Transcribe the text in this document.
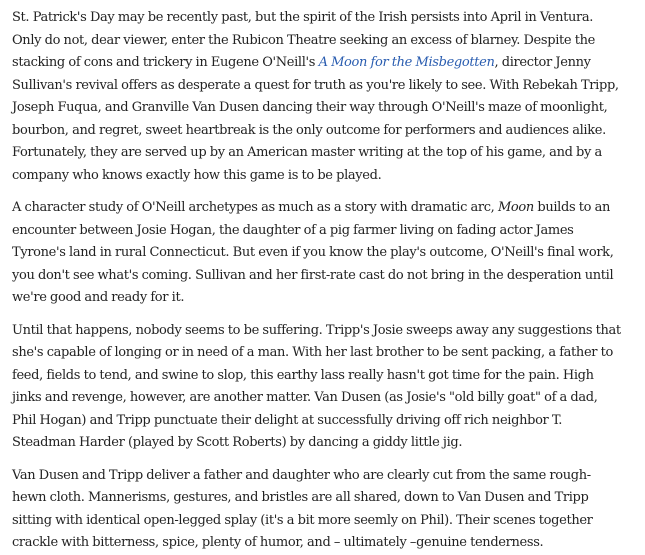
St. Patrick's Day may be recently past, but the spirit of the Irish persists into April in Ventura. Only do not, dear viewer, enter the Rubicon Theatre seeking an excess of blarney. Despite the stacking of cons and trickery in Eugene O'Neill's A Moon for the Misbegotten, director Jenny Sullivan's revival offers as desperate a quest for truth as you're likely to see. With Rebekah Tripp, Joseph Fuqua, and Granville Van Dusen dancing their way through O'Neill's maze of moonlight, bourbon, and regret, sweet heartbreak is the only outcome for performers and audiences alike. Fortunately, they are served up by an American master writing at the top of his game, and by a company who knows exactly how this game is to be played.

A character study of O'Neill archetypes as much as a story with dramatic arc, Moon builds to an encounter between Josie Hogan, the daughter of a pig farmer living on fading actor James Tyrone's land in rural Connecticut. But even if you know the play's outcome, O'Neill's final work, you don't see what's coming. Sullivan and her first-rate cast do not bring in the desperation until we're good and ready for it.

Until that happens, nobody seems to be suffering. Tripp's Josie sweeps away any suggestions that she's capable of longing or in need of a man. With her last brother to be sent packing, a father to feed, fields to tend, and swine to slop, this earthy lass really hasn't got time for the pain. High jinks and revenge, however, are another matter. Van Dusen (as Josie's "old billy goat" of a dad, Phil Hogan) and Tripp punctuate their delight at successfully driving off rich neighbor T. Steadman Harder (played by Scott Roberts) by dancing a giddy little jig.

Van Dusen and Tripp deliver a father and daughter who are clearly cut from the same rough-hewn cloth. Mannerisms, gestures, and bristles are all shared, down to Van Dusen and Tripp sitting with identical open-legged splay (it's a bit more seemly on Phil). Their scenes together crackle with bitterness, spice, plenty of humor, and – ultimately –genuine tenderness.
